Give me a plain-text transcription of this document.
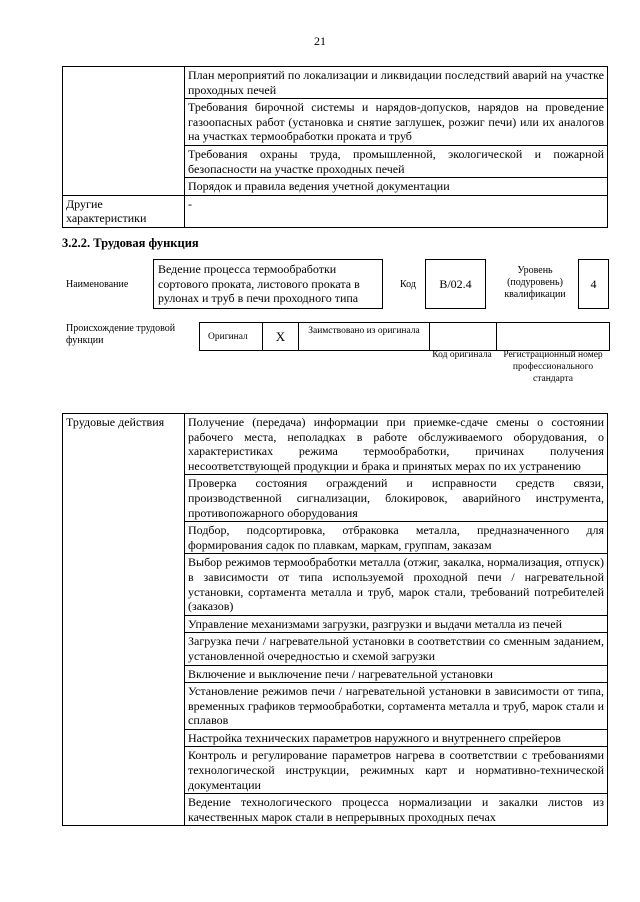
21
	План мероприятий по локализации и ликвидации последствий аварий на участке проходных печей
	Требования бирочной системы и нарядов-допусков, нарядов на проведение газоопасных работ (установка и снятие заглушек, розжиг печи) или их аналогов на участках термообработки проката и труб
	Требования охраны труда, промышленной, экологической и пожарной безопасности на участке проходных печей
	Порядок и правила ведения учетной документации
Другие характеристики	-
3.2.2. Трудовая функция
Наименование
Ведение процесса термообработки сортового проката, листового проката в рулонах и труб в печи проходного типа
Код	В/02.4
Уровень (подуровень) квалификации
4
Происхождение трудовой функции	Оригинал	X	Заимствовано из оригинала
Код оригинала	Регистрационный номер профессионального стандарта
Трудовые действия	Получение (передача) информации при приемке-сдаче смены о состоянии рабочего места, неполадках в работе обслуживаемого оборудования, о характеристиках режима термообработки, причинах получения несоответствующей продукции и брака и принятых мерах по их устранению
Проверка состояния ограждений и исправности средств связи, производственной сигнализации, блокировок, аварийного инструмента, противопожарного оборудования
Подбор, подсортировка, отбраковка металла, предназначенного для формирования садок по плавкам, маркам, группам, заказам
Выбор режимов термообработки металла (отжиг, закалка, нормализация, отпуск) в зависимости от типа используемой проходной печи / нагревательной установки, сортамента металла и труб, марок стали, требований потребителей (заказов)
Управление механизмами загрузки, разгрузки и выдачи металла из печей
Загрузка печи / нагревательной установки в соответствии со сменным заданием, установленной очередностью и схемой загрузки
Включение и выключение печи / нагревательной установки
Установление режимов печи / нагревательной установки в зависимости от типа, временных графиков термообработки, сортамента металла и труб, марок стали и сплавов
Настройка технических параметров наружного и внутреннего спрейеров
Контроль и регулирование параметров нагрева в соответствии с требованиями технологической инструкции, режимных карт и нормативно-технической документации
Ведение технологического процесса нормализации и закалки листов из качественных марок стали в непрерывных проходных печах
